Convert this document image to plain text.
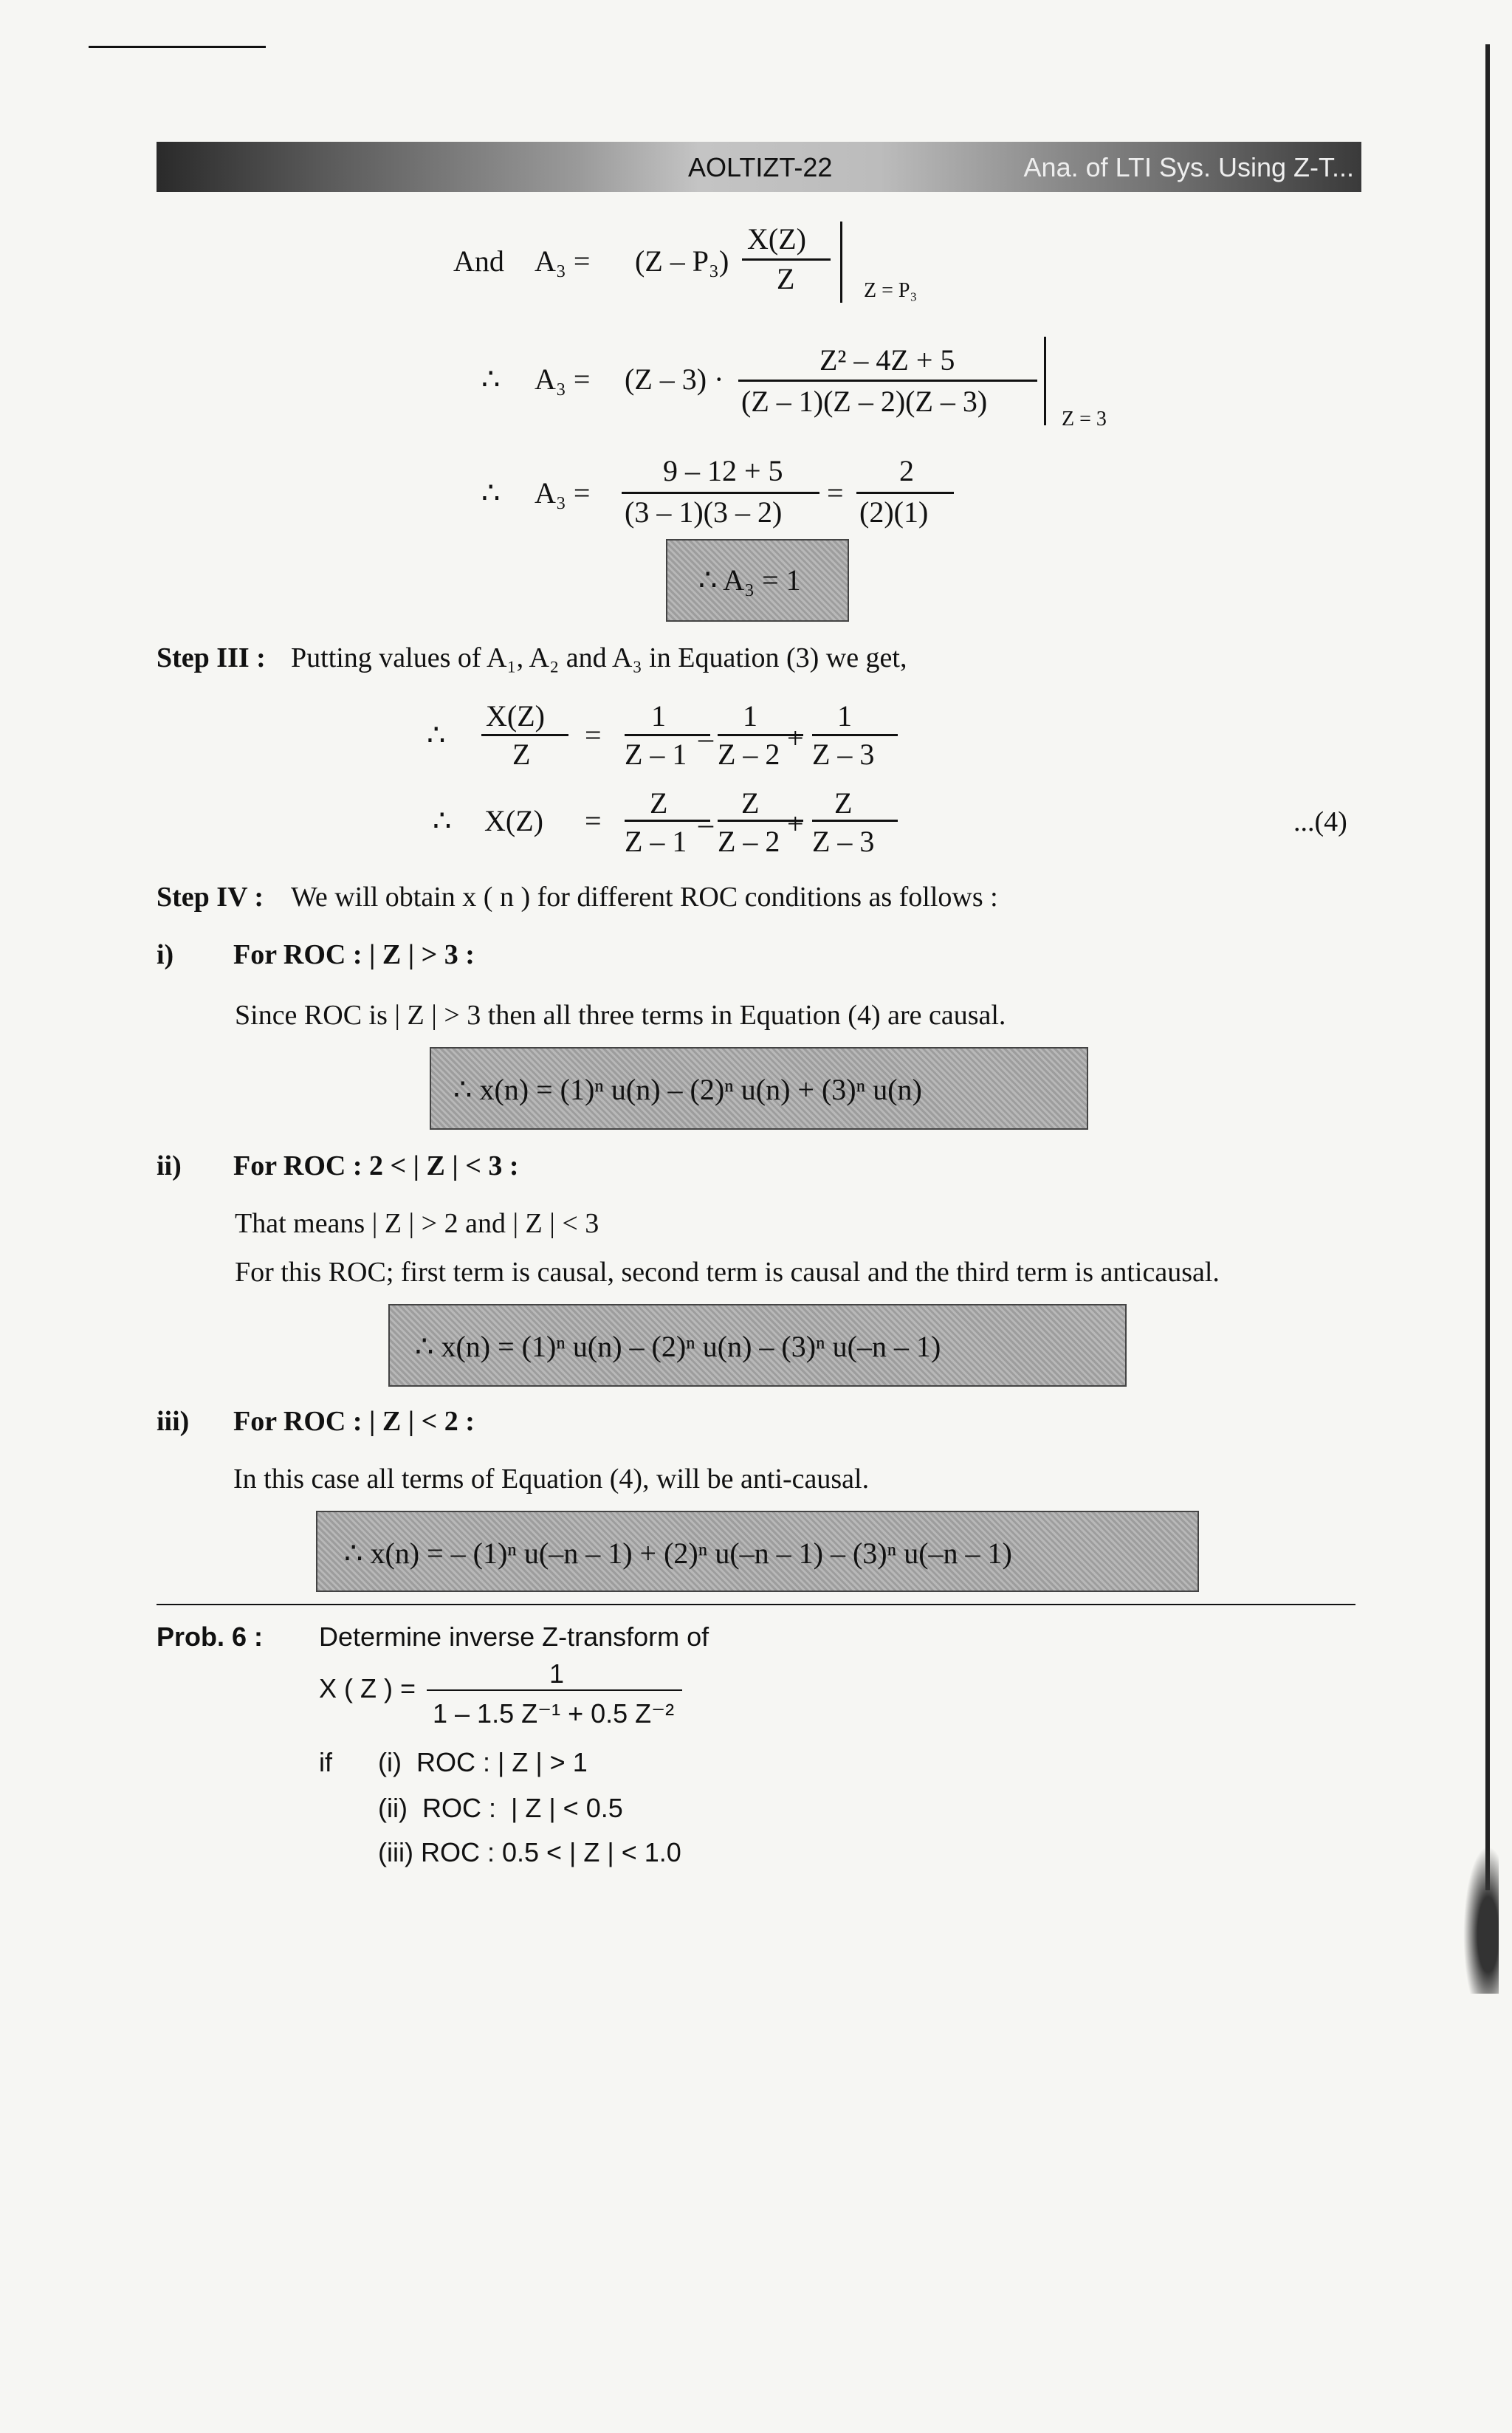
AOLTIZT-22	Ana. of LTI Sys. Using Z-T...
And A₃ = (Z – P₃)
X(Z)
Z	Z = P₃
∴ A₃ = (Z – 3) ·
Z² – 4Z + 5
(Z – 1)(Z – 2)(Z – 3)
Z = 3
∴ A₃ =
9 – 12 + 5
(3 – 1)(3 – 2)
=
2
(2)(1)
∴ A₃ = 1
Step III : Putting values of A₁, A₂ and A₃ in Equation (3) we get,
∴
X(Z)
Z
=
1
Z – 1 –
1
Z – 2 +
1
Z – 3
∴ X(Z) =
Z
Z – 1
–
Z
Z – 2
+
Z
Z – 3
...(4)
Step IV : We will obtain x ( n ) for different ROC conditions as follows :
i) For ROC : | Z | > 3 :
Since ROC is | Z | > 3 then all three terms in Equation (4) are causal.
∴ x(n) = (1)ⁿ u(n) – (2)ⁿ u(n) + (3)ⁿ u(n)
ii) For ROC : 2 < | Z | < 3 :
That means | Z | > 2 and | Z | < 3
For this ROC; first term is causal, second term is causal and the third term is anticausal.
∴ x(n) = (1)ⁿ u(n) – (2)ⁿ u(n) – (3)ⁿ u(–n – 1)
iii) For ROC : | Z | < 2 :
In this case all terms of Equation (4), will be anti-causal.
∴ x(n) = – (1)ⁿ u(–n – 1) + (2)ⁿ u(–n – 1) – (3)ⁿ u(–n – 1)
Prob. 6 : Determine inverse Z-transform of
X ( Z ) =	1
1 – 1.5 Z⁻¹ + 0.5 Z⁻²
if (i)  ROC : | Z | > 1
(ii)  ROC :  | Z | < 0.5
(iii) ROC : 0.5 < | Z | < 1.0
